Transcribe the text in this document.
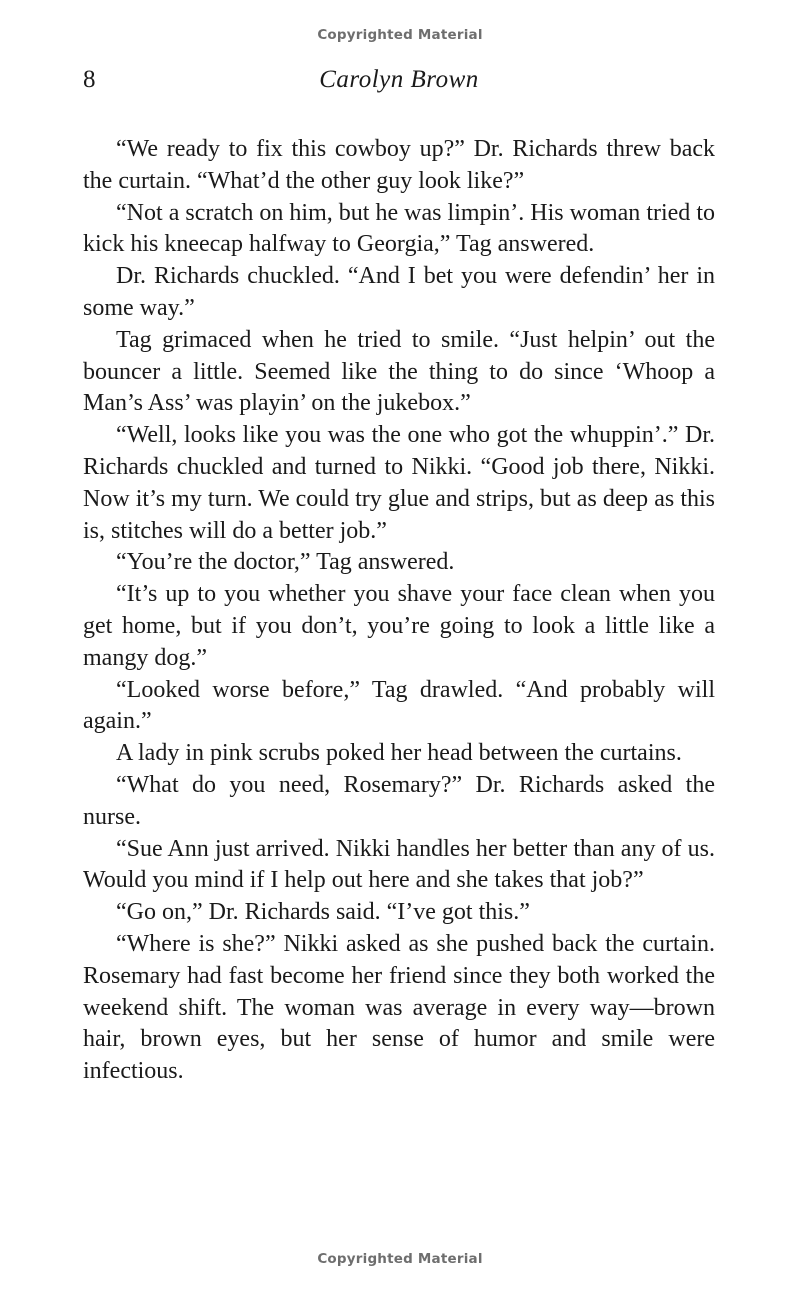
Copyrighted Material
8	Carolyn Brown

“We ready to fix this cowboy up?” Dr. Richards threw back the curtain. “What’d the other guy look like?”

“Not a scratch on him, but he was limpin’. His woman tried to kick his kneecap halfway to Georgia,” Tag answered.

Dr. Richards chuckled. “And I bet you were defendin’ her in some way.”

Tag grimaced when he tried to smile. “Just helpin’ out the bouncer a little. Seemed like the thing to do since ‘Whoop a Man’s Ass’ was playin’ on the jukebox.”

“Well, looks like you was the one who got the whuppin’.” Dr. Richards chuckled and turned to Nikki. “Good job there, Nikki. Now it’s my turn. We could try glue and strips, but as deep as this is, stitches will do a better job.”

“You’re the doctor,” Tag answered.

“It’s up to you whether you shave your face clean when you get home, but if you don’t, you’re going to look a little like a mangy dog.”

“Looked worse before,” Tag drawled. “And probably will again.”

A lady in pink scrubs poked her head between the curtains.

“What do you need, Rosemary?” Dr. Richards asked the nurse.

“Sue Ann just arrived. Nikki handles her better than any of us. Would you mind if I help out here and she takes that job?”

“Go on,” Dr. Richards said. “I’ve got this.”

“Where is she?” Nikki asked as she pushed back the curtain. Rosemary had fast become her friend since they both worked the weekend shift. The woman was average in every way—brown hair, brown eyes, but her sense of humor and smile were infectious.

Copyrighted Material
